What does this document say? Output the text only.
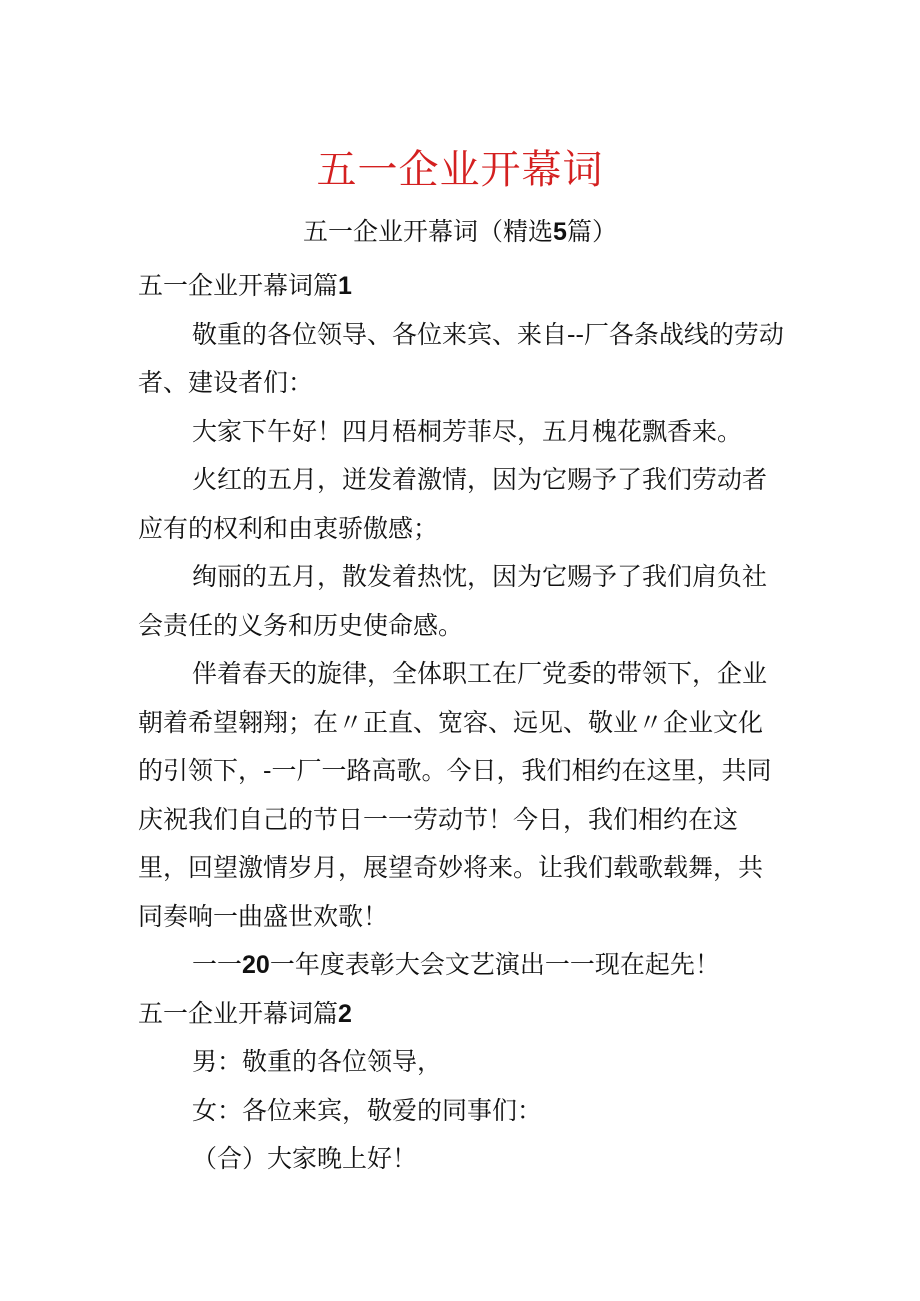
五一企业开幕词
五一企业开幕词（精选5篇）

五一企业开幕词篇1

敬重的各位领导、各位来宾、来自--厂各条战线的劳动者、建设者们：

大家下午好！四月梧桐芳菲尽，五月槐花飘香来。

火红的五月，迸发着激情，因为它赐予了我们劳动者应有的权利和由衷骄傲感；

绚丽的五月，散发着热忱，因为它赐予了我们肩负社会责任的义务和历史使命感。

伴着春天的旋律，全体职工在厂党委的带领下，企业朝着希望翱翔；在〃正直、宽容、远见、敬业〃企业文化的引领下，-一厂一路高歌。今日，我们相约在这里，共同庆祝我们自己的节日一一劳动节！今日，我们相约在这里，回望激情岁月，展望奇妙将来。让我们载歌载舞，共同奏响一曲盛世欢歌！

一一20一年度表彰大会文艺演出一一现在起先！

五一企业开幕词篇2

男：敬重的各位领导，

女：各位来宾，敬爱的同事们：

（合）大家晚上好！
